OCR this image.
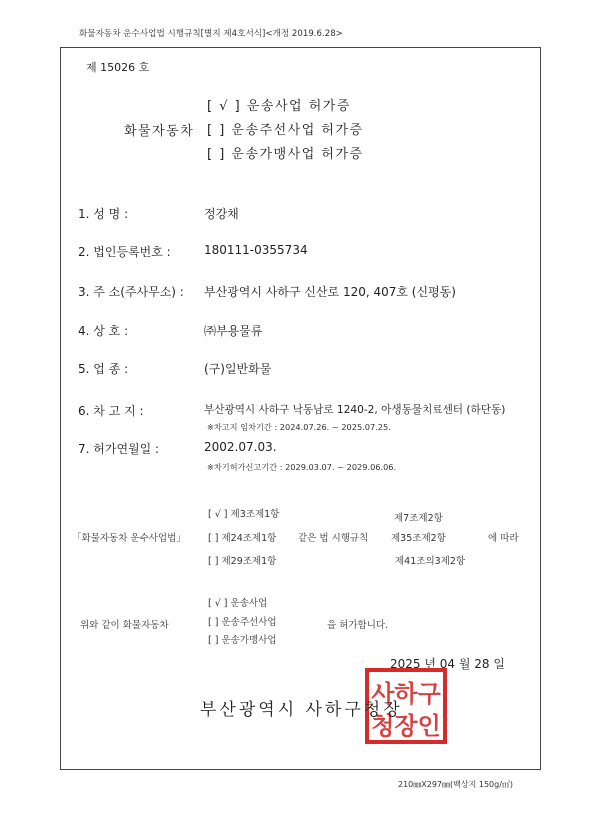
화물자동차 운수사업법 시행규칙[별지 제4호서식]<개정 2019.6.28>
제 15026 호
화물자동차
[ √ ] 운송사업 허가증
[ ] 운송주선사업 허가증
[ ] 운송가맹사업 허가증
1. 성 명 :	정강채
2. 법인등록번호 :	180111-0355734
3. 주 소(주사무소) : 부산광역시 사하구 신산로 120, 407호 (신평동)
4. 상 호 :	㈜부용물류
5. 업 종 :	(구)일반화물
6. 차 고 지 :	부산광역시 사하구 낙동남로 1240-2, 아생동물치료센터 (하단동)
※차고지 임차기간 : 2024.07.26. ~ 2025.07.25.
7. 허가연월일 :	2002.07.03.
※차기허가신고기간 : 2029.03.07. ~ 2029.06.06.
「화물자동차 운수사업법」
[ √ ] 제3조제1항
[ ] 제24조제1항
[ ] 제29조제1항
같은 법 시행규칙
제7조제2항
제35조제2항
제41조의3제2항
에 따라
위와 같이 화물자동차
[ √ ] 운송사업
[ ] 운송주선사업
[ ] 운송가맹사업
을 허가합니다.
2025 년 04 월 28 일
사하구
청장인
부산광역시 사하구청장
210㎜X297㎜(백상지 150g/㎡)
